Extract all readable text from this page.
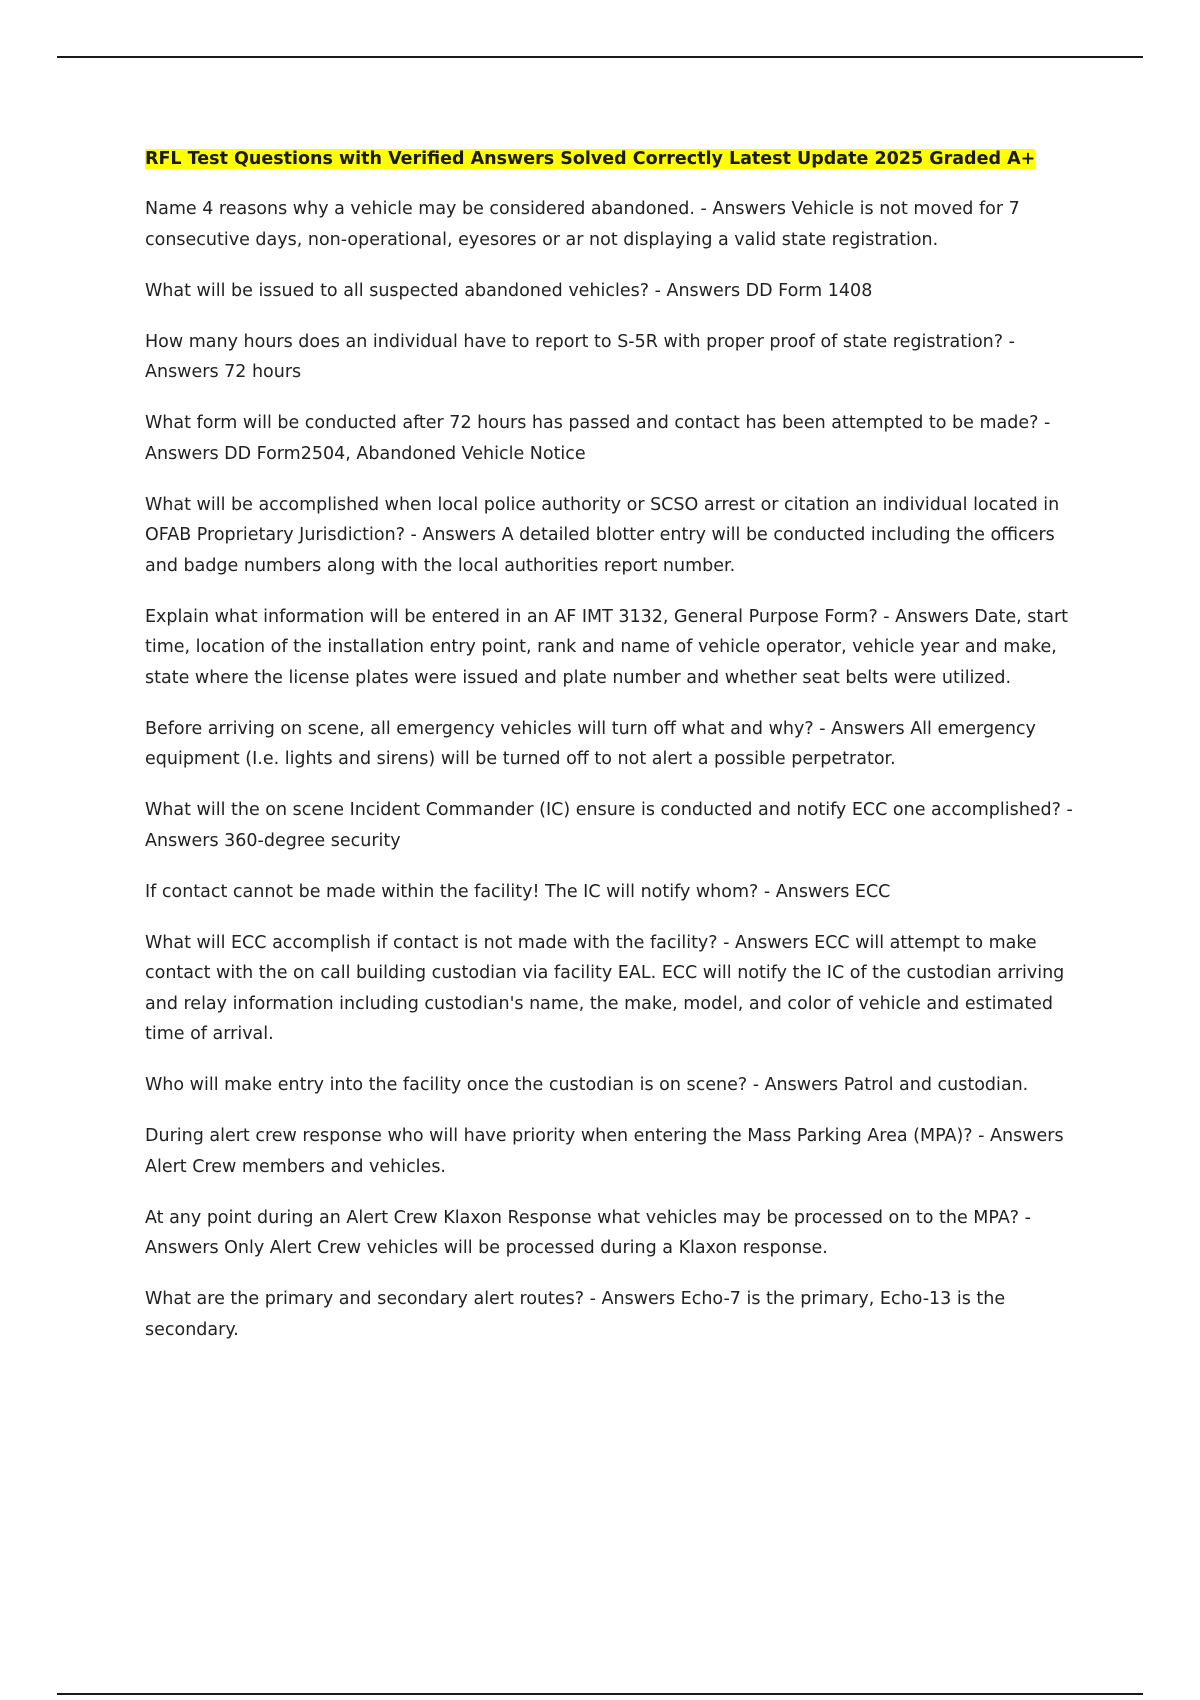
RFL Test Questions with Verified Answers Solved Correctly Latest Update 2025 Graded A+

Name 4 reasons why a vehicle may be considered abandoned. - Answers Vehicle is not moved for 7 consecutive days, non-operational, eyesores or ar not displaying a valid state registration.

What will be issued to all suspected abandoned vehicles? - Answers DD Form 1408

How many hours does an individual have to report to S-5R with proper proof of state registration? - Answers 72 hours

What form will be conducted after 72 hours has passed and contact has been attempted to be made? - Answers DD Form2504, Abandoned Vehicle Notice

What will be accomplished when local police authority or SCSO arrest or citation an individual located in OFAB Proprietary Jurisdiction? - Answers A detailed blotter entry will be conducted including the officers and badge numbers along with the local authorities report number.

Explain what information will be entered in an AF IMT 3132, General Purpose Form? - Answers Date, start time, location of the installation entry point, rank and name of vehicle operator, vehicle year and make, state where the license plates were issued and plate number and whether seat belts were utilized.

Before arriving on scene, all emergency vehicles will turn off what and why? - Answers All emergency equipment (I.e. lights and sirens) will be turned off to not alert a possible perpetrator.

What will the on scene Incident Commander (IC) ensure is conducted and notify ECC one accomplished? - Answers 360-degree security

If contact cannot be made within the facility! The IC will notify whom? - Answers ECC

What will ECC accomplish if contact is not made with the facility? - Answers ECC will attempt to make contact with the on call building custodian via facility EAL. ECC will notify the IC of the custodian arriving and relay information including custodian's name, the make, model, and color of vehicle and estimated time of arrival.

Who will make entry into the facility once the custodian is on scene? - Answers Patrol and custodian.

During alert crew response who will have priority when entering the Mass Parking Area (MPA)? - Answers Alert Crew members and vehicles.

At any point during an Alert Crew Klaxon Response what vehicles may be processed on to the MPA? - Answers Only Alert Crew vehicles will be processed during a Klaxon response.

What are the primary and secondary alert routes? - Answers Echo-7 is the primary, Echo-13 is the secondary.
